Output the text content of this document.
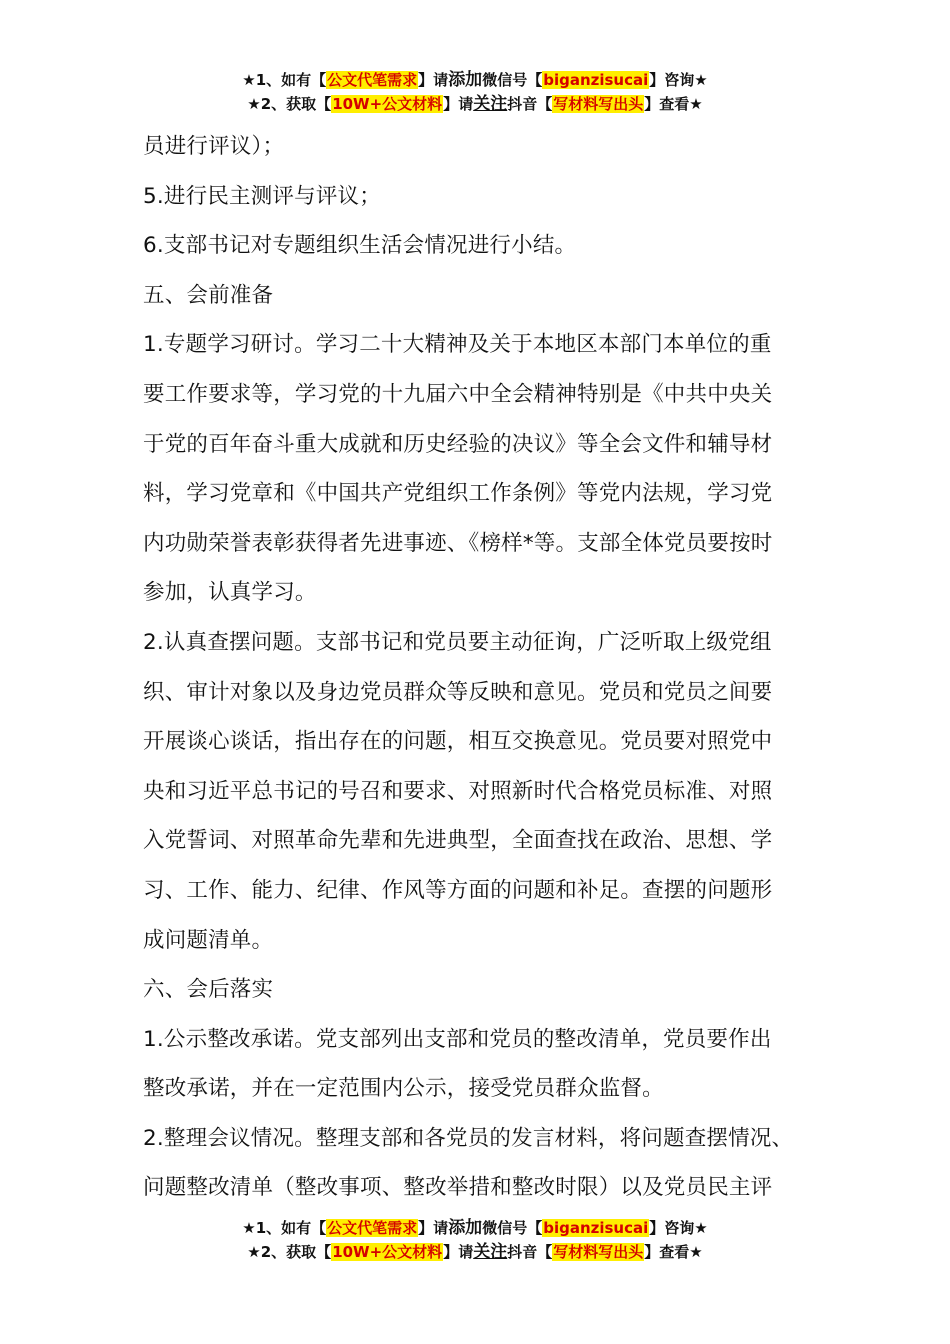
★1、如有【公文代笔需求】请添加微信号【biganzisucai】咨询★
★2、获取【10W+公文材料】请关注抖音【写材料写出头】查看★

员进行评议）；

5.进行民主测评与评议；

6.支部书记对专题组织生活会情况进行小结。

五、会前准备

1.专题学习研讨。学习二十大精神及关于本地区本部门本单位的重

要工作要求等，学习党的十九届六中全会精神特别是《中共中央关

于党的百年奋斗重大成就和历史经验的决议》等全会文件和辅导材

料，学习党章和《中国共产党组织工作条例》等党内法规，学习党

内功勋荣誉表彰获得者先进事迹、《榜样*等。支部全体党员要按时

参加，认真学习。

2.认真查摆问题。支部书记和党员要主动征询，广泛听取上级党组

织、审计对象以及身边党员群众等反映和意见。党员和党员之间要

开展谈心谈话，指出存在的问题，相互交换意见。党员要对照党中

央和习近平总书记的号召和要求、对照新时代合格党员标准、对照

入党誓词、对照革命先辈和先进典型，全面查找在政治、思想、学

习、工作、能力、纪律、作风等方面的问题和补足。查摆的问题形

成问题清单。

六、会后落实

1.公示整改承诺。党支部列出支部和党员的整改清单，党员要作出

整改承诺，并在一定范围内公示，接受党员群众监督。

2.整理会议情况。整理支部和各党员的发言材料，将问题查摆情况、

问题整改清单（整改事项、整改举措和整改时限）以及党员民主评

★1、如有【公文代笔需求】请添加微信号【biganzisucai】咨询★
★2、获取【10W+公文材料】请关注抖音【写材料写出头】查看★
